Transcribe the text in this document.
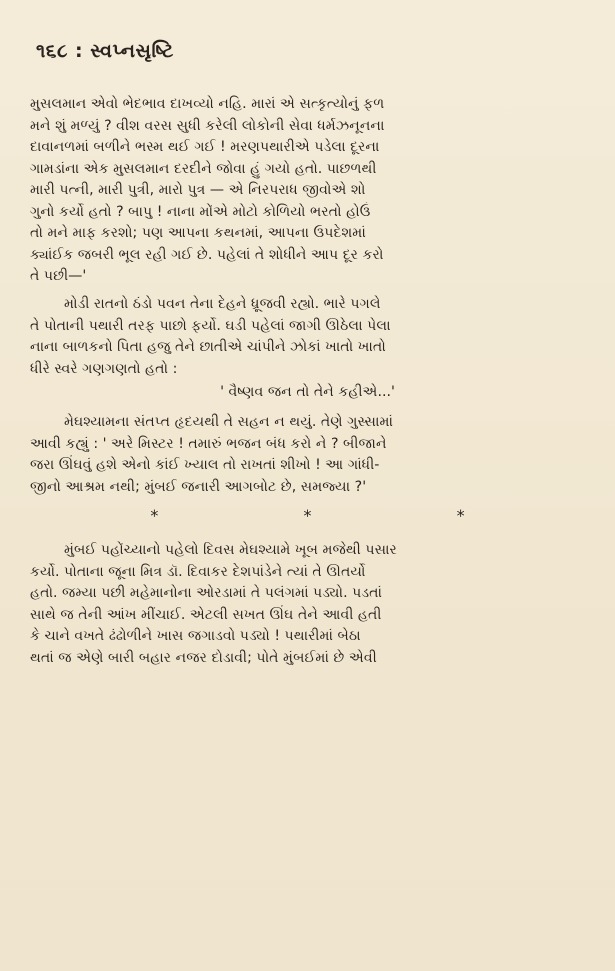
૧૬૮ : સ્વપ્નસૃષ્ટિ
મુસલમાન એવો ભેદભાવ દાખવ્યો નહિ. મારાં એ સત્કૃત્યોનું ફળ
મને શું મળ્યું ? વીશ વરસ સુધી કરેલી લોકોની સેવા ધર્મઝનૂનના
દાવાનળમાં બળીને ભસ્મ થઈ ગઈ ! મરણપથારીએ પડેલા દૂરના
ગામડાંના એક મુસલમાન દરદીને જોવા હું ગયો હતો. પાછળથી
મારી પત્ની, મારી પુત્રી, મારો પુત્ર — એ નિરપરાધ જીવોએ શો
ગુનો કર્યો હતો ? બાપુ ! નાના મોંએ મોટો કોળિયો ભરતો હોઉં
તો મને માફ કરશો; પણ આપના કથનમાં, આપના ઉપદેશમાં
ક્યાંઈક જબરી ભૂલ રહી ગઈ છે. પહેલાં તે શોધીને આપ દૂર કરો
તે પછી—'
મોડી રાતનો ઠંડો પવન તેના દેહને ધ્રૂજવી રહ્યો. ભારે પગલે
તે પોતાની પથારી તરફ પાછો ફર્યો. ઘડી પહેલાં જાગી ઊઠેલા પેલા
નાના બાળકનો પિતા હજુ તેને છાતીએ ચાંપીને ઝોકાં ખાતો ખાતો
ધીરે સ્વરે ગણગણતો હતો :
' વૈષ્ણવ જન તો તેને કહીએ...'
મેઘશ્યામના સંતપ્ત હૃદયથી તે સહન ન થયું. તેણે ગુસ્સામાં
આવી કહ્યું : ' અરે મિસ્ટર ! તમારું ભજન બંધ કરો ને ? બીજાને
જરા ઊંઘવું હશે એનો કાંઈ ખ્યાલ તો રાખતાં શીખો ! આ ગાંધી-
જીનો આશ્રમ નથી; મુંબઈ જનારી આગબોટ છે, સમજ્યા ?'
* * *
મુંબઈ પહોંચ્યાનો પહેલો દિવસ મેઘશ્યામે ખૂબ મજેથી પસાર
કર્યો. પોતાના જૂના મિત્ર ડૉ. દિવાકર દેશપાંડેને ત્યાં તે ઊતર્યો
હતો. જમ્યા પછી મહેમાનોના ઓરડામાં તે પલંગમાં પડ્યો. પડતાં
સાથે જ તેની આંખ મીંચાઈ. એટલી સખત ઊંઘ તેને આવી હતી
કે ચાને વખતે ઢંઢોળીને ખાસ જગાડવો પડ્યો ! પથારીમાં બેઠા
થતાં જ એણે બારી બહાર નજર દોડાવી; પોતે મુંબઈમાં છે એવી
